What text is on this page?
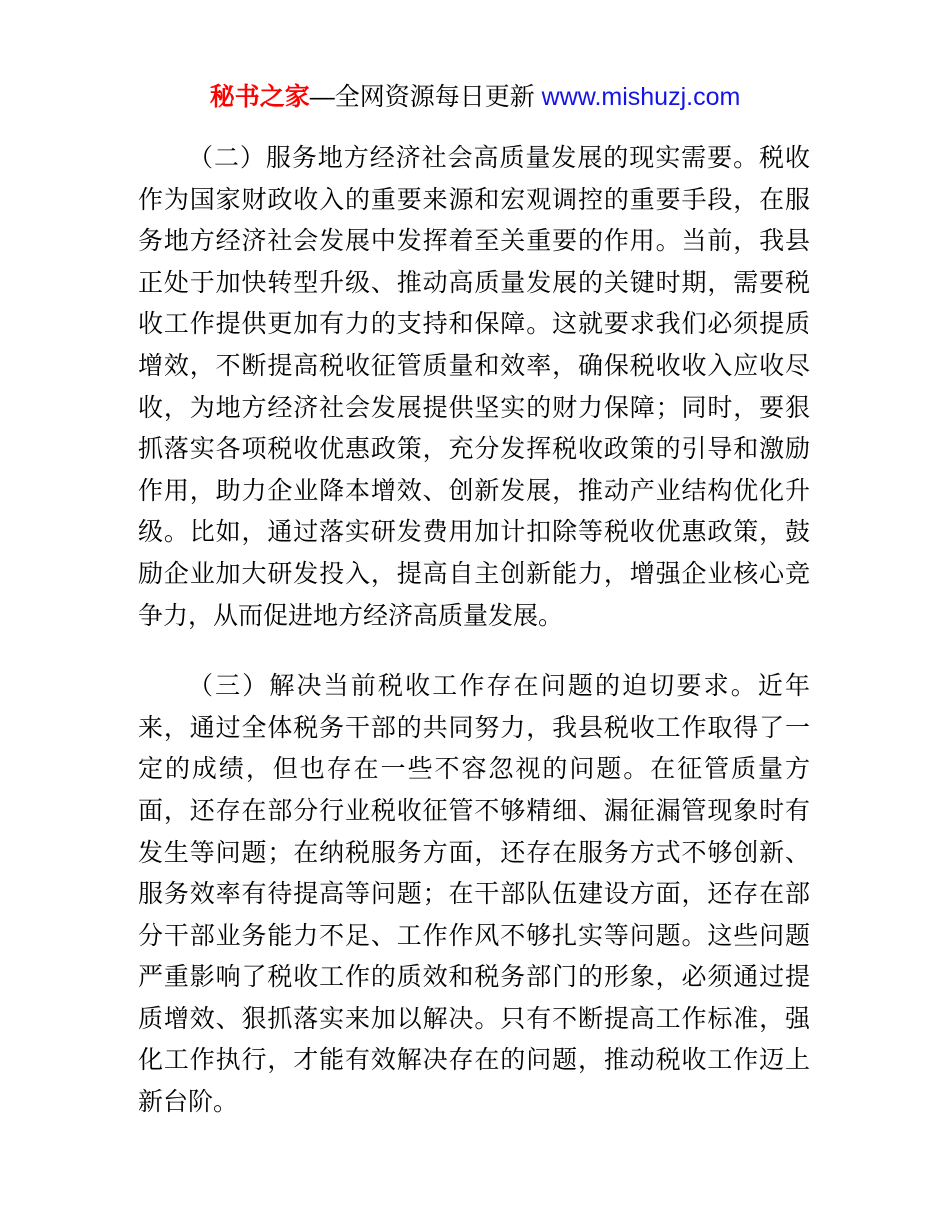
秘书之家—全网资源每日更新 www.mishuzj.com

（二）服务地方经济社会高质量发展的现实需要。税收作为国家财政收入的重要来源和宏观调控的重要手段，在服务地方经济社会发展中发挥着至关重要的作用。当前，我县正处于加快转型升级、推动高质量发展的关键时期，需要税收工作提供更加有力的支持和保障。这就要求我们必须提质增效，不断提高税收征管质量和效率，确保税收收入应收尽收，为地方经济社会发展提供坚实的财力保障；同时，要狠抓落实各项税收优惠政策，充分发挥税收政策的引导和激励作用，助力企业降本增效、创新发展，推动产业结构优化升级。比如，通过落实研发费用加计扣除等税收优惠政策，鼓励企业加大研发投入，提高自主创新能力，增强企业核心竞争力，从而促进地方经济高质量发展。

（三）解决当前税收工作存在问题的迫切要求。近年来，通过全体税务干部的共同努力，我县税收工作取得了一定的成绩，但也存在一些不容忽视的问题。在征管质量方面，还存在部分行业税收征管不够精细、漏征漏管现象时有发生等问题；在纳税服务方面，还存在服务方式不够创新、服务效率有待提高等问题；在干部队伍建设方面，还存在部分干部业务能力不足、工作作风不够扎实等问题。这些问题严重影响了税收工作的质效和税务部门的形象，必须通过提质增效、狠抓落实来加以解决。只有不断提高工作标准，强化工作执行，才能有效解决存在的问题，推动税收工作迈上新台阶。
